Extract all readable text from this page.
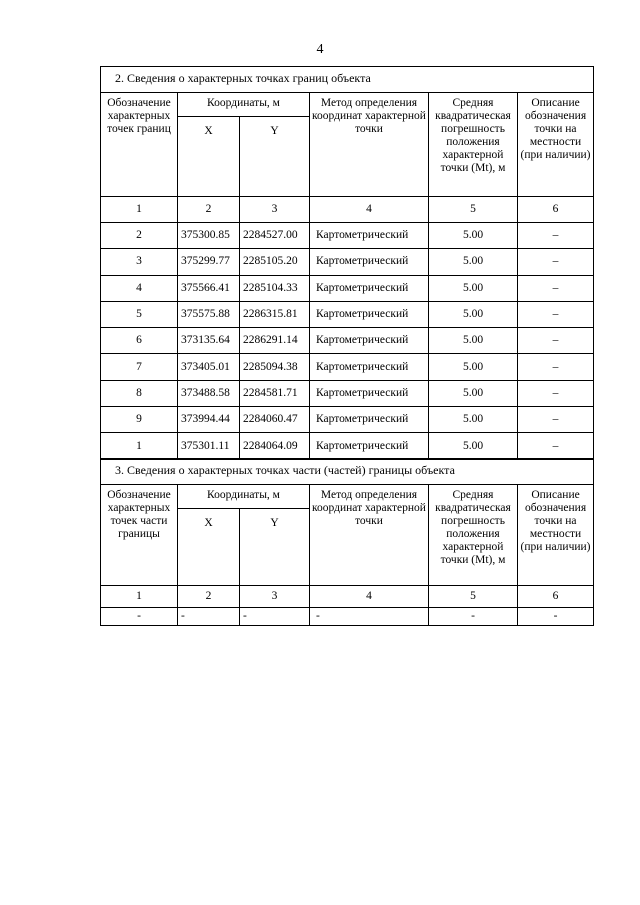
4
2. Сведения о характерных точках границ объекта					
Обозначение характерных точек границ	Координаты, м		Метод определения координат характерной точки	Средняя квадратическая погрешность положения характерной точки (Mt), м	Описание обозначения точки на местности (при наличии)
	X	Y			
1	2	3	4	5	6
2	375300.85	2284527.00	Картометрический	5.00	–
3	375299.77	2285105.20	Картометрический	5.00	–
4	375566.41	2285104.33	Картометрический	5.00	–
5	375575.88	2286315.81	Картометрический	5.00	–
6	373135.64	2286291.14	Картометрический	5.00	–
7	373405.01	2285094.38	Картометрический	5.00	–
8	373488.58	2284581.71	Картометрический	5.00	–
9	373994.44	2284060.47	Картометрический	5.00	–
1	375301.11	2284064.09	Картометрический	5.00	–
3. Сведения о характерных точках части (частей) границы объекта					
Обозначение характерных точек части границы	Координаты, м		Метод определения координат характерной точки	Средняя квадратическая погрешность положения характерной точки (Mt), м	Описание обозначения точки на местности (при наличии)
	X	Y			
1	2	3	4	5	6
-	-	-	-	-	-
